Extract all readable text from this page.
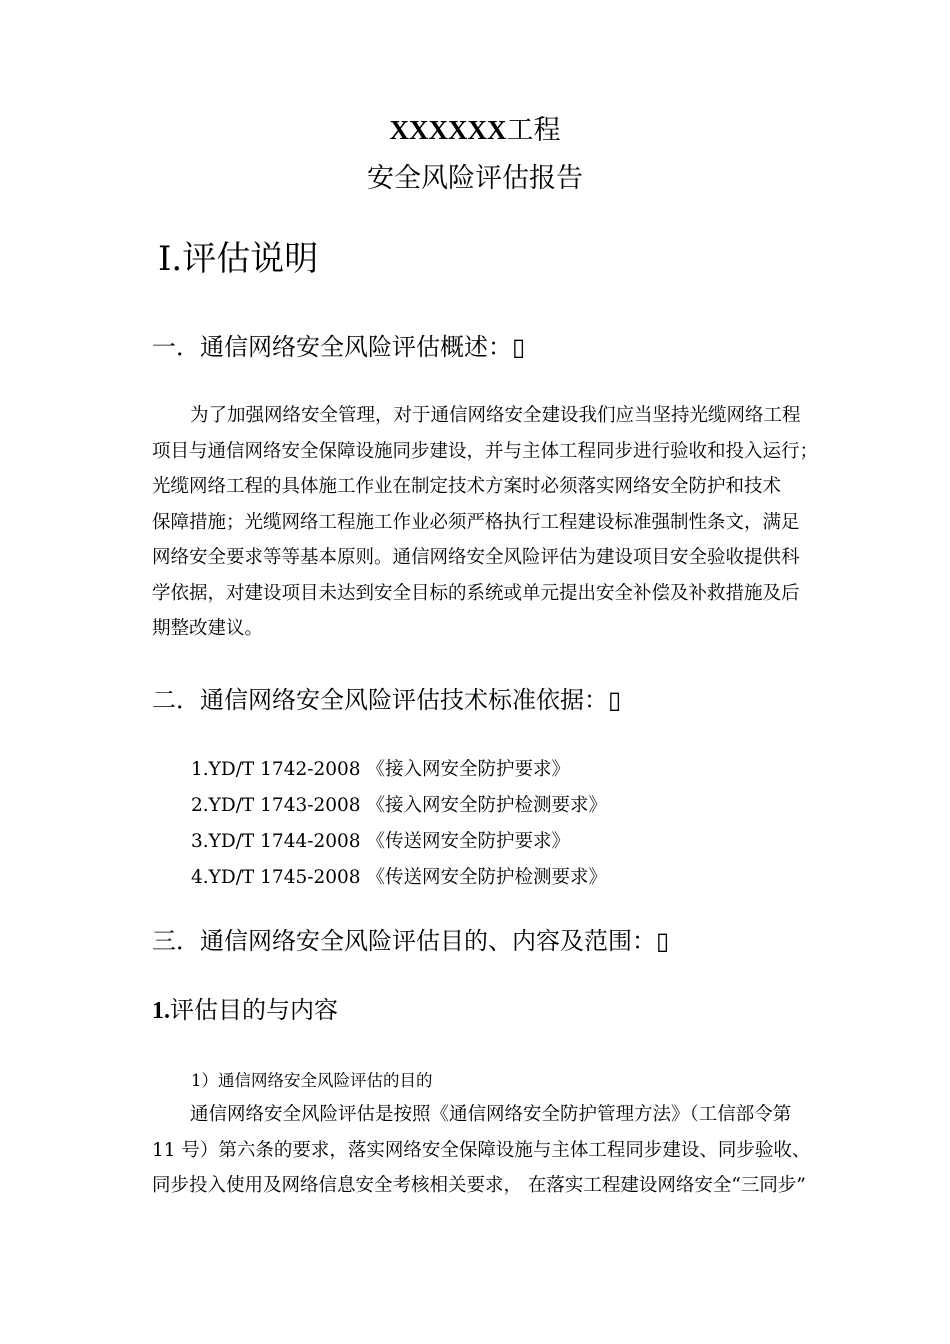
XXXXXX工程
安全风险评估报告
Ⅰ.评估说明
一．通信网络安全风险评估概述：▯
为了加强网络安全管理，对于通信网络安全建设我们应当坚持光缆网络工程
项目与通信网络安全保障设施同步建设，并与主体工程同步进行验收和投入运行；
光缆网络工程的具体施工作业在制定技术方案时必须落实网络安全防护和技术
保障措施；光缆网络工程施工作业必须严格执行工程建设标准强制性条文，满足
网络安全要求等等基本原则。通信网络安全风险评估为建设项目安全验收提供科
学依据，对建设项目未达到安全目标的系统或单元提出安全补偿及补救措施及后
期整改建议。
二．通信网络安全风险评估技术标准依据：▯
1.YD/T 1742-2008 《接入网安全防护要求》
2.YD/T 1743-2008 《接入网安全防护检测要求》
3.YD/T 1744-2008 《传送网安全防护要求》
4.YD/T 1745-2008 《传送网安全防护检测要求》
三．通信网络安全风险评估目的、内容及范围：▯
1.评估目的与内容
1）通信网络安全风险评估的目的
通信网络安全风险评估是按照《通信网络安全防护管理方法》（工信部令第
11 号）第六条的要求，落实网络安全保障设施与主体工程同步建设、同步验收、
同步投入使用及网络信息安全考核相关要求， 在落实工程建设网络安全“三同步”
